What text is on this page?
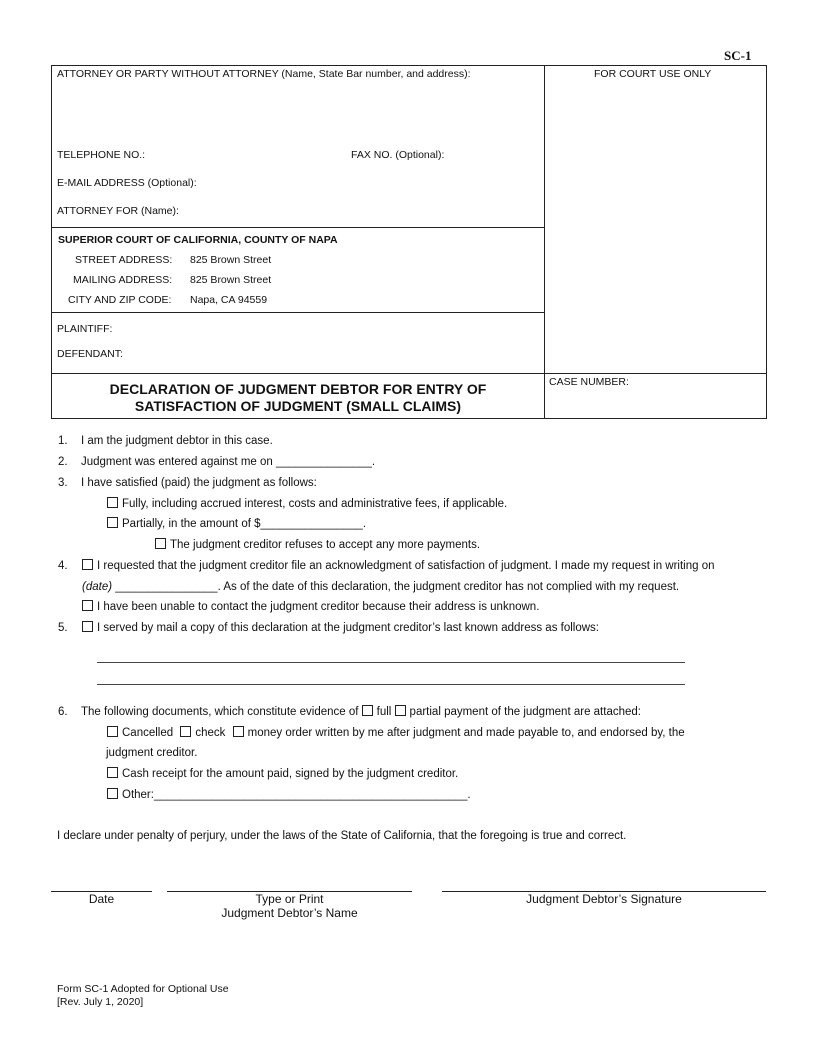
SC-1
ATTORNEY OR PARTY WITHOUT ATTORNEY (Name, State Bar number, and address):	FOR COURT USE ONLY
TELEPHONE NO.:	FAX NO. (Optional):
E-MAIL ADDRESS (Optional):
ATTORNEY FOR (Name):
SUPERIOR COURT OF CALIFORNIA, COUNTY OF NAPA
STREET ADDRESS: 825 Brown Street
MAILING ADDRESS: 825 Brown Street
CITY AND ZIP CODE: Napa, CA 94559
PLAINTIFF:
DEFENDANT:
DECLARATION OF JUDGMENT DEBTOR FOR ENTRY OF
SATISFACTION OF JUDGMENT (SMALL CLAIMS)
CASE NUMBER:
1. I am the judgment debtor in this case.
2. Judgment was entered against me on _______________.
3. I have satisfied (paid) the judgment as follows:
Fully, including accrued interest, costs and administrative fees, if applicable.
Partially, in the amount of $________________.
The judgment creditor refuses to accept any more payments.
4.	I requested that the judgment creditor file an acknowledgment of satisfaction of judgment. I made my request in writing on
(date) ________________. As of the date of this declaration, the judgment creditor has not complied with my request.
I have been unable to contact the judgment creditor because their address is unknown.
5.	I served by mail a copy of this declaration at the judgment creditor’s last known address as follows:
6. The following documents, which constitute evidence of full partial payment of the judgment are attached:
Cancelled check money order written by me after judgment and made payable to, and endorsed by, the
judgment creditor.
Cash receipt for the amount paid, signed by the judgment creditor.
Other:_________________________________________________.
I declare under penalty of perjury, under the laws of the State of California, that the foregoing is true and correct.
Date	Type or Print
Judgment Debtor’s Name
Judgment Debtor’s Signature
Form SC-1 Adopted for Optional Use
[Rev. July 1, 2020]
